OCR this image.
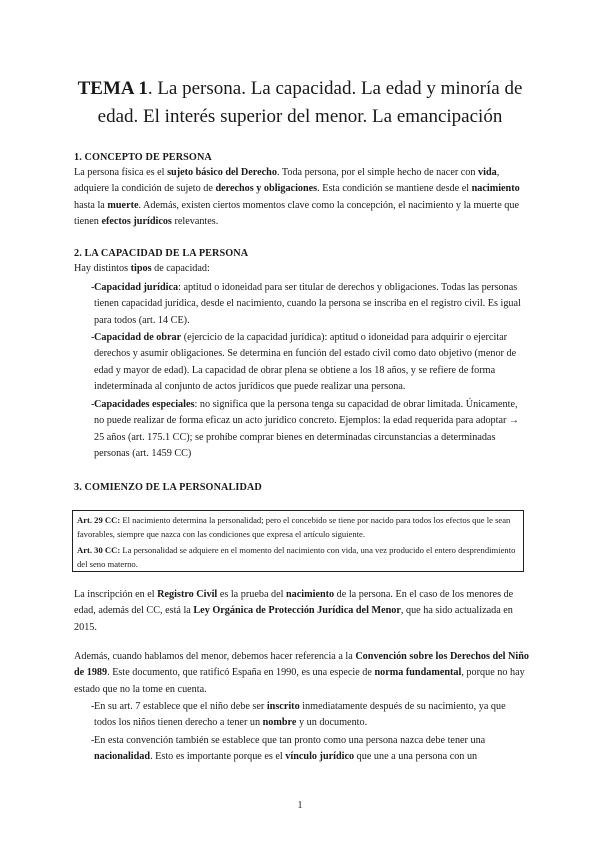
TEMA 1. La persona. La capacidad. La edad y minoría de edad. El interés superior del menor. La emancipación
1. CONCEPTO DE PERSONA
La persona física es el sujeto básico del Derecho. Toda persona, por el simple hecho de nacer con vida, adquiere la condición de sujeto de derechos y obligaciones. Esta condición se mantiene desde el nacimiento hasta la muerte. Además, existen ciertos momentos clave como la concepción, el nacimiento y la muerte que tienen efectos jurídicos relevantes.
2. LA CAPACIDAD DE LA PERSONA
Hay distintos tipos de capacidad:
- Capacidad jurídica: aptitud o idoneidad para ser titular de derechos y obligaciones. Todas las personas tienen capacidad jurídica, desde el nacimiento, cuando la persona se inscriba en el registro civil. Es igual para todos (art. 14 CE).
- Capacidad de obrar (ejercicio de la capacidad jurídica): aptitud o idoneidad para adquirir o ejercitar derechos y asumir obligaciones. Se determina en función del estado civil como dato objetivo (menor de edad y mayor de edad). La capacidad de obrar plena se obtiene a los 18 años, y se refiere de forma indeterminada al conjunto de actos jurídicos que puede realizar una persona.
- Capacidades especiales: no significa que la persona tenga su capacidad de obrar limitada. Únicamente, no puede realizar de forma eficaz un acto jurídico concreto. Ejemplos: la edad requerida para adoptar → 25 años (art. 175.1 CC); se prohíbe comprar bienes en determinadas circunstancias a determinadas personas (art. 1459 CC)
3. COMIENZO DE LA PERSONALIDAD
Art. 29 CC: El nacimiento determina la personalidad; pero el concebido se tiene por nacido para todos los efectos que le sean favorables, siempre que nazca con las condiciones que expresa el artículo siguiente.
Art. 30 CC: La personalidad se adquiere en el momento del nacimiento con vida, una vez producido el entero desprendimiento del seno materno.
La inscripción en el Registro Civil es la prueba del nacimiento de la persona. En el caso de los menores de edad, además del CC, está la Ley Orgánica de Protección Jurídica del Menor, que ha sido actualizada en 2015.
Además, cuando hablamos del menor, debemos hacer referencia a la Convención sobre los Derechos del Niño de 1989. Este documento, que ratificó España en 1990, es una especie de norma fundamental, porque no hay estado que no la tome en cuenta.
- En su art. 7 establece que el niño debe ser inscrito inmediatamente después de su nacimiento, ya que todos los niños tienen derecho a tener un nombre y un documento.
- En esta convención también se establece que tan pronto como una persona nazca debe tener una nacionalidad. Esto es importante porque es el vínculo jurídico que une a una persona con un
1
